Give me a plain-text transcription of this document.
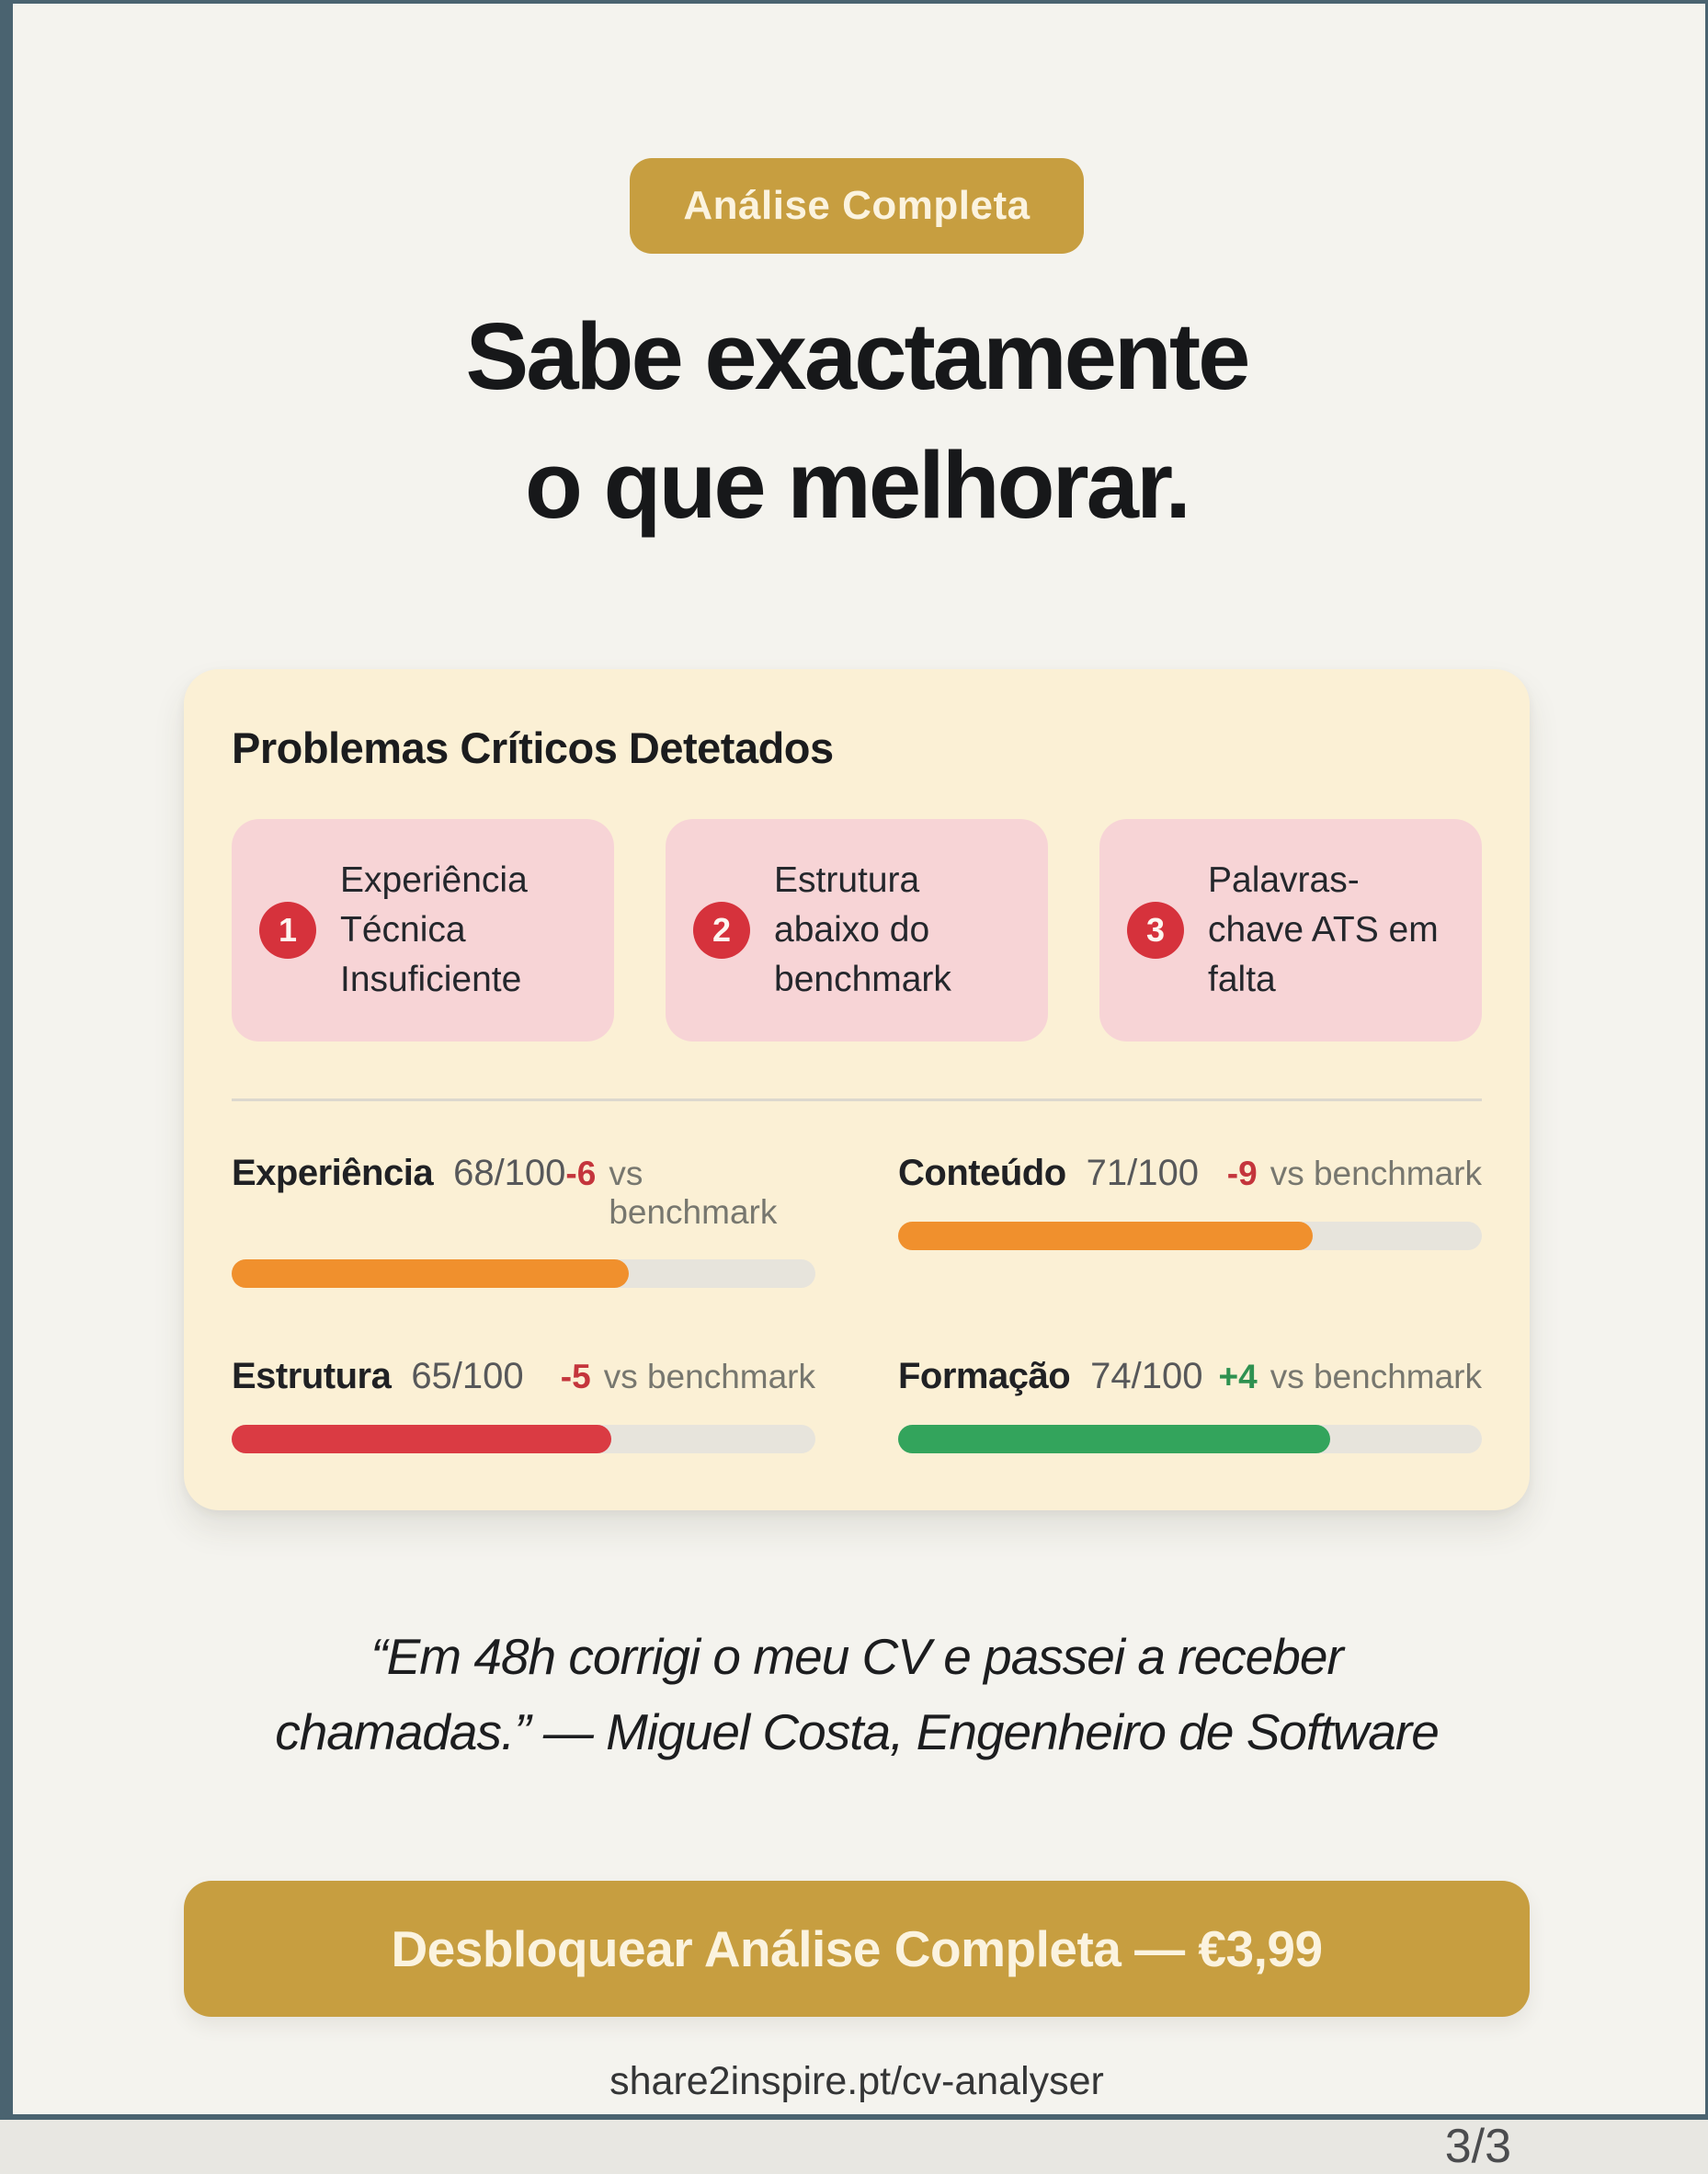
Análise Completa
Sabe exactamente
o que melhorar.
Problemas Críticos Detetados
1
Experiência Técnica Insuficiente
2
Estrutura abaixo do benchmark
3
Palavras-chave ATS em falta
Experiência 68/100 -6 vs benchmark
Conteúdo 71/100 -9 vs benchmark
Estrutura 65/100 -5 vs benchmark Formação 74/100 +4 vs benchmark
“Em 48h corrigi o meu CV e passei a receber
chamadas.” — Miguel Costa, Engenheiro de Software
Desbloquear Análise Completa — €3,99
share2inspire.pt/cv-analyser
3/3
